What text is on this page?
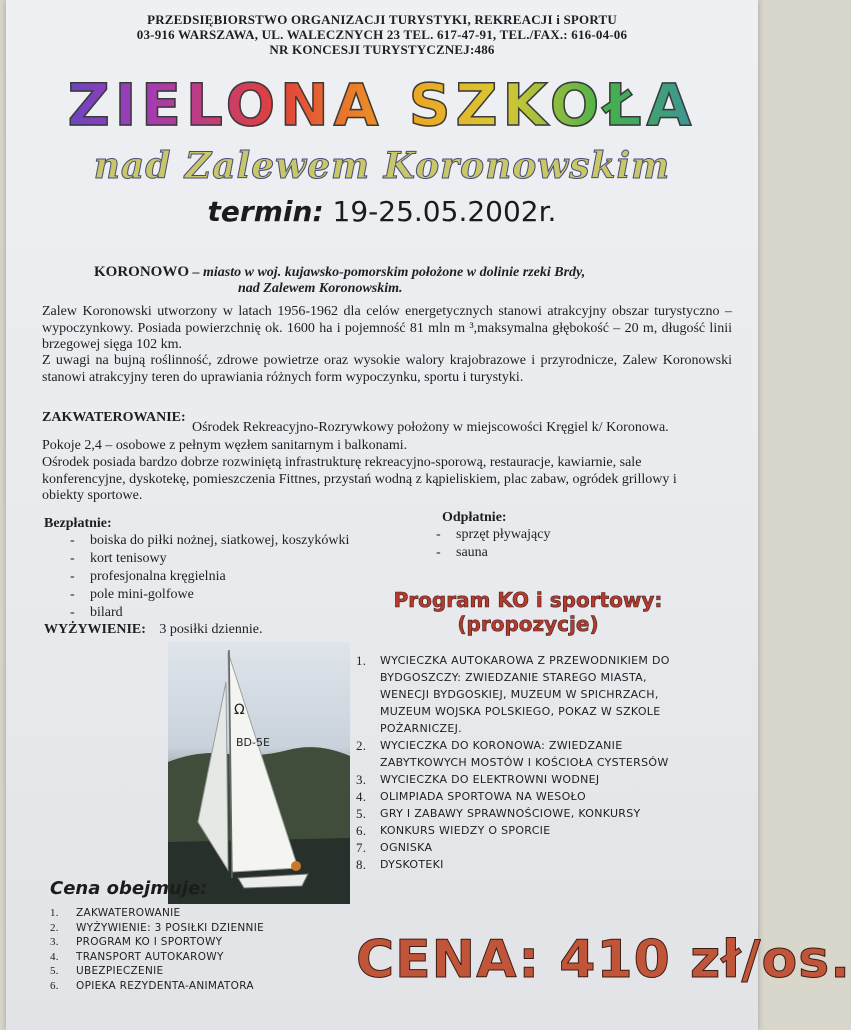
PRZEDSIĘBIORSTWO ORGANIZACJI TURYSTYKI, REKREACJI i SPORTU
03-916 WARSZAWA, UL. WALECZNYCH 23 TEL. 617-47-91, TEL./FAX.: 616-04-06
NR KONCESJI TURYSTYCZNEJ:486
ZIELONA SZKOŁA
nad Zalewem Koronowskim
termin: 19-25.05.2002r.
KORONOWO – miasto w woj. kujawsko-pomorskim położone w dolinie rzeki Brdy,
nad Zalewem Koronowskim.
Zalew Koronowski utworzony w latach 1956-1962 dla celów energetycznych stanowi atrakcyjny obszar turystyczno – wypoczynkowy. Posiada powierzchnię ok. 1600 ha i pojemność 81 mln m ³,maksymalna głębokość – 20 m, długość linii brzegowej sięga 102 km.
Z uwagi na bujną roślinność, zdrowe powietrze oraz wysokie walory krajobrazowe i przyrodnicze, Zalew Koronowski stanowi atrakcyjny teren do uprawiania różnych form wypoczynku, sportu i turystyki.
ZAKWATEROWANIE:
Ośrodek Rekreacyjno-Rozrywkowy położony w miejscowości Kręgiel k/ Koronowa.
Pokoje 2,4 – osobowe z pełnym węzłem sanitarnym i balkonami.
Ośrodek posiada bardzo dobrze rozwiniętą infrastrukturę rekreacyjno-sporową, restauracje, kawiarnie, sale konferencyjne, dyskotekę, pomieszczenia Fittnes, przystań wodną z kąpieliskiem, plac zabaw, ogródek grillowy i obiekty sportowe.
Bezpłatnie:
- boiska do piłki nożnej, siatkowej, koszykówki
- kort tenisowy
- profesjonalna kręgielnia
- pole mini-golfowe
- bilard
Odpłatnie:
- sprzęt pływający
- sauna
WYŻYWIENIE: 3 posiłki dziennie.
Program KO i sportowy:
(propozycje)
1. WYCIECZKA AUTOKAROWA Z PRZEWODNIKIEM DO BYDGOSZCZY: ZWIEDZANIE STAREGO MIASTA, WENECJI BYDGOSKIEJ, MUZEUM W SPICHRZACH, MUZEUM WOJSKA POLSKIEGO, POKAZ W SZKOLE POŻARNICZEJ.
2. WYCIECZKA DO KORONOWA: ZWIEDZANIE ZABYTKOWYCH MOSTÓW I KOŚCIOŁA CYSTERSÓW
3. WYCIECZKA DO ELEKTROWNI WODNEJ
4. OLIMPIADA SPORTOWA NA WESOŁO
5. GRY I ZABAWY SPRAWNOŚCIOWE, KONKURSY
6. KONKURS WIEDZY O SPORCIE
7. OGNISKA
8. DYSKOTEKI
Ω
BD-5E
Cena obejmuje:
1. ZAKWATEROWANIE
2. WYŻYWIENIE: 3 POSIŁKI DZIENNIE
3. PROGRAM KO I SPORTOWY
4. TRANSPORT AUTOKAROWY
5. UBEZPIECZENIE
6. OPIEKA REZYDENTA-ANIMATORA	CENA: 410 zł/os.
